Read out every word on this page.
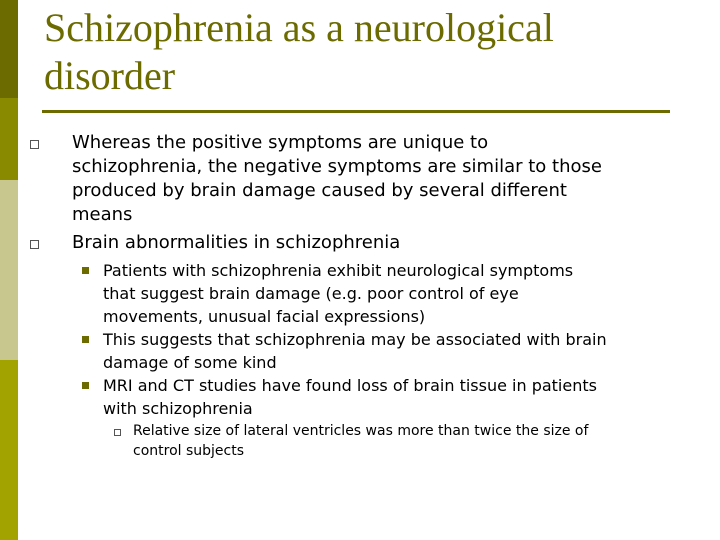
Schizophrenia as a neurological
disorder
Whereas the positive symptoms are unique to
schizophrenia, the negative symptoms are similar to those
produced by brain damage caused by several different
means
Brain abnormalities in schizophrenia
Patients with schizophrenia exhibit neurological symptoms
that suggest brain damage (e.g. poor control of eye
movements, unusual facial expressions)
This suggests that schizophrenia may be associated with brain
damage of some kind
MRI and CT studies have found loss of brain tissue in patients
with schizophrenia
Relative size of lateral ventricles was more than twice the size of
control subjects
